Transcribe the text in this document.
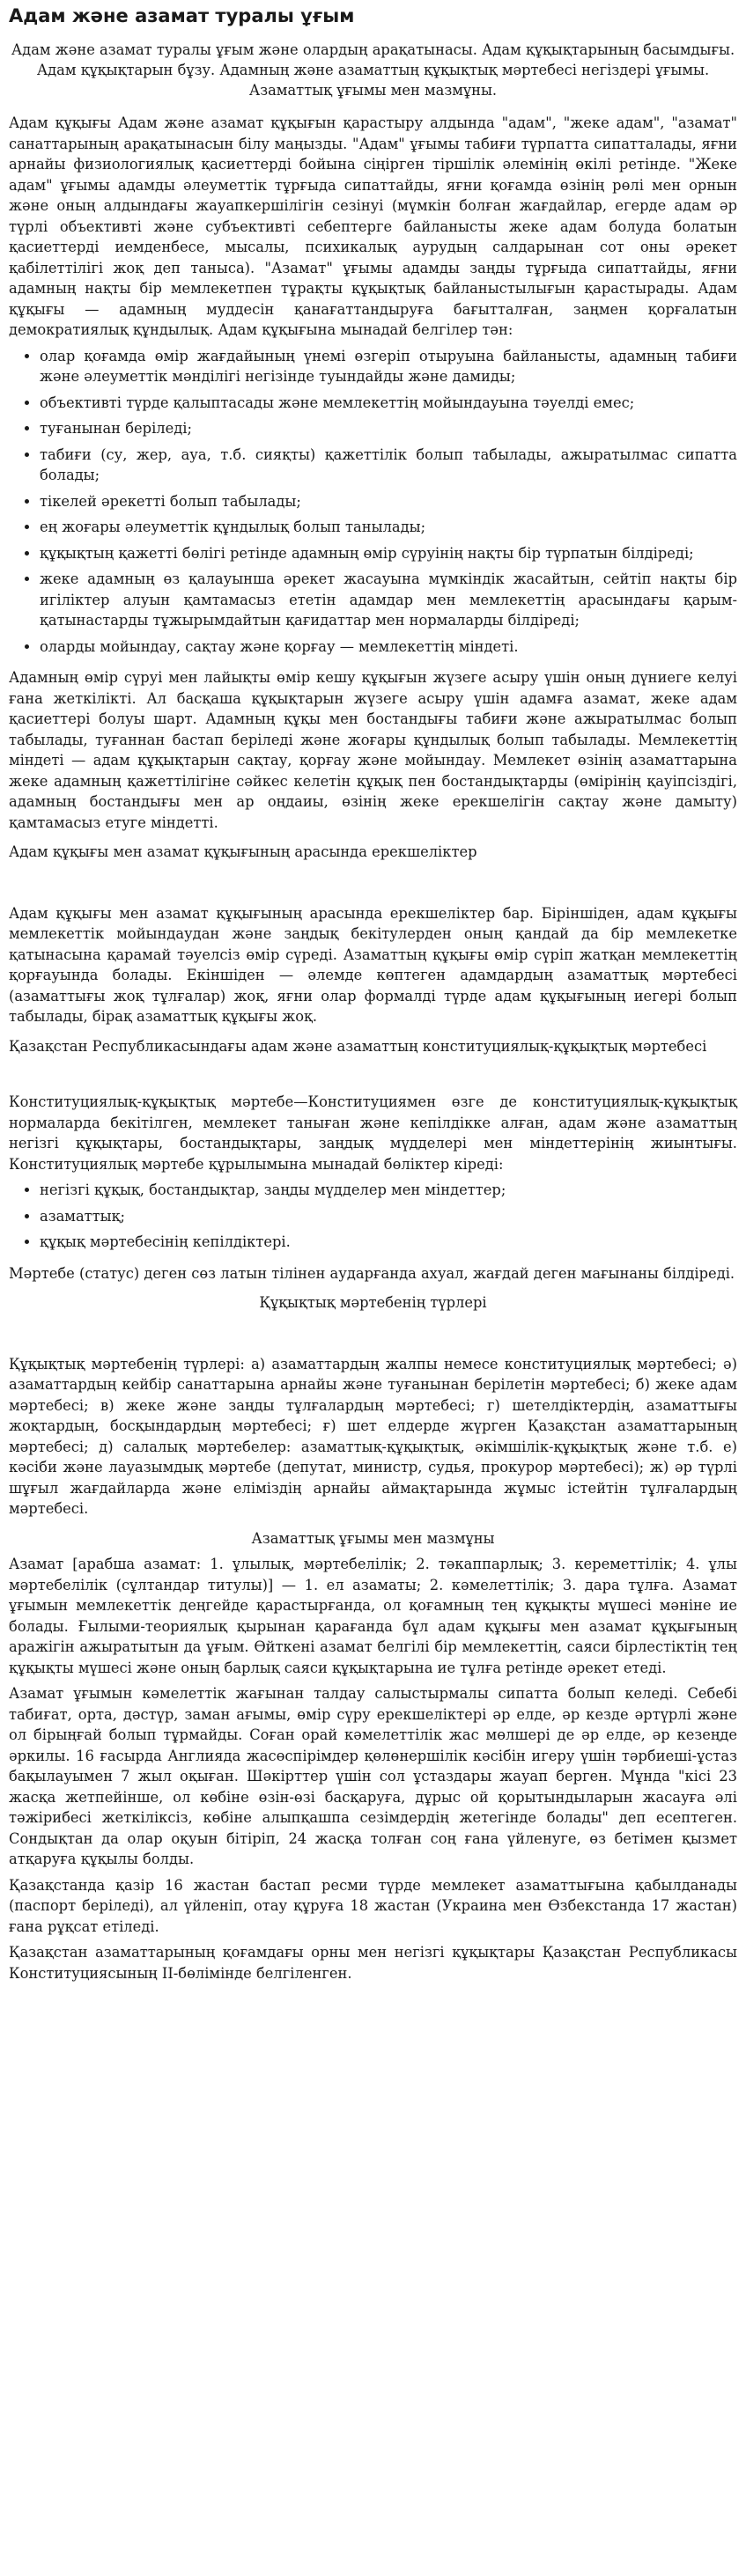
Адам және азамат туралы ұғым
Адам және азамат туралы ұғым және олардың арақатынасы. Адам құқықтарының басымдығы. Адам құқықтарын бұзу. Адамның және азаматтың құқықтық мәртебесі негіздері ұғымы. Азаматтық ұғымы мен мазмұны.

Адам құқығы Адам және азамат құқығын қарастыру алдында "адам", "жеке адам", "азамат" санаттарының арақатынасын білу маңызды. "Адам" ұғымы табиғи түрпатта сипатталады, яғни арнайы физиологиялық қасиеттерді бойына сіңірген тіршілік әлемінің өкілі ретінде. "Жеке адам" ұғымы адамды әлеуметтік тұрғыда сипаттайды, яғни қоғамда өзінің рөлі мен орнын және оның алдындағы жауапкершілігін сезінуі (мүмкін болған жағдайлар, егерде адам әр түрлі объективті және субъективті себептерге байланысты жеке адам болуда болатын қасиеттерді иемденбесе, мысалы, психикалық аурудың салдарынан сот оны әрекет қабілеттілігі жоқ деп таныса). "Азамат" ұғымы адамды заңды тұрғыда сипаттайды, яғни адамның нақты бір мемлекетпен тұрақты құқықтық байланыстылығын қарастырады. Адам құқығы — адамның муддесін қанағаттандыруға бағытталған, заңмен қорғалатын демократиялық құндылық. Адам құқығына мынадай белгілер тән:

• олар қоғамда өмір жағдайының үнемі өзгеріп отыруына байланысты, адамның табиғи және әлеуметтік мәнділігі негізінде туындайды және дамиды;
• объективті түрде қалыптасады және мемлекеттің мойындауына тәуелді емес;
• туғанынан беріледі;
• табиғи (су, жер, ауа, т.б. сияқты) қажеттілік болып табылады, ажыратылмас сипатта болады;
• тікелей әрекетті болып табылады;
• ең жоғары әлеуметтік құндылық болып танылады;
• құқықтың қажетті бөлігі ретінде адамның өмір сүруінің нақты бір түрпатын білдіреді;
• жеке адамның өз қалауынша әрекет жасауына мүмкіндік жасайтын, сейтіп нақты бір игіліктер алуын қамтамасыз ететін адамдар мен мемлекеттің арасындағы қарым-қатынастарды тұжырымдайтын қағидаттар мен нормаларды білдіреді;
• оларды мойындау, сақтау және қорғау — мемлекеттің міндеті.

Адамның өмір сүруі мен лайықты өмір кешу құқығын жүзеге асыру үшін оның дүниеге келуі ғана жеткілікті. Ал басқаша құқықтарын жүзеге асыру үшін адамға азамат, жеке адам қасиеттері болуы шарт. Адамның құқы мен бостандығы табиғи және ажыратылмас болып табылады, туғаннан бастап беріледі және жоғары құндылық болып табылады. Мемлекеттің міндеті — адам құқықтарын сақтау, қорғау және мойындау. Мемлекет өзінің азаматтарына жеке адамның қажеттілігіне сәйкес келетін құқық пен бостандықтарды (өмірінің қауіпсіздігі, адамның бостандығы мен ар оңдаиы, өзінің жеке ерекшелігін сақтау және дамыту) қамтамасыз етуге міндетті.

Адам құқығы мен азамат құқығының арасында ерекшеліктер

Адам құқығы мен азамат құқығының арасында ерекшеліктер бар. Біріншіден, адам құқығы мемлекеттік мойындаудан және заңдық бекітулерден оның қандай да бір мемлекетке қатынасына қарамай тәуелсіз өмір сүреді. Азаматтың құқығы өмір сүріп жатқан мемлекеттің қорғауында болады. Екіншіден — әлемде көптеген адамдардың азаматтық мәртебесі (азаматтығы жоқ тұлғалар) жоқ, яғни олар формалді түрде адам құқығының иегері болып табылады, бірақ азаматтық құқығы жоқ.

Қазақстан Республикасындағы адам және азаматтың конституциялық-құқықтық мәртебесі

Конституциялық-құқықтық мәртебе—Конституциямен өзге де конституциялық-құқықтық нормаларда бекітілген, мемлекет таныған және кепілдікке алған, адам және азаматтың негізгі құқықтары, бостандықтары, заңдық мүдделері мен міндеттерінің жиынтығы. Конституциялық мәртебе құрылымына мынадай бөліктер кіреді:

• негізгі құқық, бостандықтар, заңды мүдделер мен міндеттер;
• азаматтық;
• құқық мәртебесінің кепілдіктері.

Мәртебе (статус) деген сөз латын тілінен аударғанда ахуал, жағдай деген мағынаны білдіреді.

Құқықтық мәртебенің түрлері

Құқықтық мәртебенің түрлері: а) азаматтардың жалпы немесе конституциялық мәртебесі; ә) азаматтардың кейбір санаттарына арнайы және туғанынан берілетін мәртебесі; б) жеке адам мәртебесі; в) жеке және заңды тұлғалардың мәртебесі; г) шетелдіктердің, азаматтығы жоқтардың, босқындардың мәртебесі; ғ) шет елдерде жүрген Қазақстан азаматтарының мәртебесі; д) салалық мәртебелер: азаматтық-құқықтық, әкімшілік-құқықтық және т.б. е) кәсіби және лауазымдық мәртебе (депутат, министр, судья, прокурор мәртебесі); ж) әр түрлі шұғыл жағдайларда және еліміздің арнайы аймақтарында жұмыс істейтін тұлғалардың мәртебесі.

Азаматтық ұғымы мен мазмұны

Азамат [арабша азамат: 1. ұлылық, мәртебелілік; 2. тәкаппарлық; 3. кереметтілік; 4. ұлы мәртебелілік (сұлтандар титулы)] — 1. ел азаматы; 2. кәмелеттілік; 3. дара тұлға. Азамат ұғымын мемлекеттік деңгейде қарастырғанда, ол қоғамның тең құқықты мүшесі мәніне ие болады. Ғылыми-теориялық қырынан қарағанда бұл адам құқығы мен азамат құқығының аражігін ажыратытын да ұғым. Өйткені азамат белгілі бір мемлекеттің, саяси бірлестіктің тең құқықты мүшесі және оның барлық саяси құқықтарына ие тұлға ретінде әрекет етеді.

Азамат ұғымын кәмелеттік жағынан талдау салыстырмалы сипатта болып келеді. Себебі табиғат, орта, дәстүр, заман ағымы, өмір сүру ерекшеліктері әр елде, әр кезде әртүрлі және ол бірыңғай болып тұрмайды. Соған орай кәмелеттілік жас мөлшері де әр елде, әр кезеңде әркилы. 16 ғасырда Англияда жасөспірімдер қөлөнершілік кәсібін игеру үшін тәрбиеші-ұстаз бақылауымен 7 жыл оқыған. Шәкірттер үшін сол ұстаздары жауап берген. Мұнда "кісі 23 жасқа жетпейінше, ол көбіне өзін-өзі басқаруға, дұрыс ой қорытындыларын жасауға әлі тәжірибесі жеткіліксіз, көбіне алыпқашпа сезімдердің жетегінде болады" деп есептеген. Сондықтан да олар оқуын бітіріп, 24 жасқа толған соң ғана үйленуге, өз бетімен қызмет атқаруға құқылы болды.

Қазақстанда қазір 16 жастан бастап ресми түрде мемлекет азаматтығына қабылданады (паспорт беріледі), ал үйленіп, отау құруға 18 жастан (Украина мен Өзбекстанда 17 жастан) ғана рұқсат етіледі.

Қазақстан азаматтарының қоғамдағы орны мен негізгі құқықтары Қазақстан Республикасы Конституциясының ІІ-бөлімінде белгіленген.
